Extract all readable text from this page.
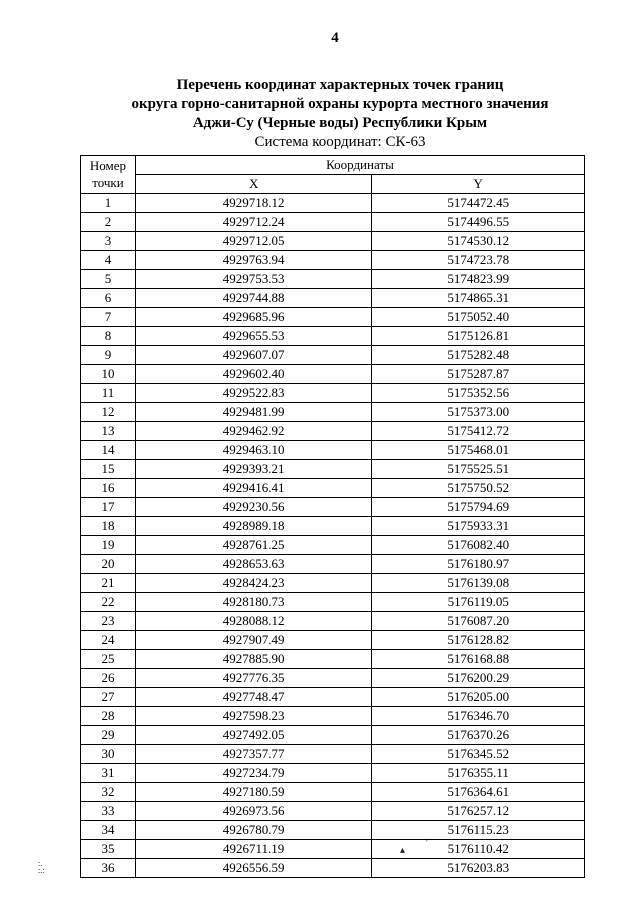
4
Перечень координат характерных точек границ
округа горно-санитарной охраны курорта местного значения
Аджи-Су (Черные воды) Республики Крым
Система координат: СК-63
Номер точки	Координаты	
	X	Y
1	4929718.12	5174472.45
2	4929712.24	5174496.55
3	4929712.05	5174530.12
4	4929763.94	5174723.78
5	4929753.53	5174823.99
6	4929744.88	5174865.31
7	4929685.96	5175052.40
8	4929655.53	5175126.81
9	4929607.07	5175282.48
10	4929602.40	5175287.87
11	4929522.83	5175352.56
12	4929481.99	5175373.00
13	4929462.92	5175412.72
14	4929463.10	5175468.01
15	4929393.21	5175525.51
16	4929416.41	5175750.52
17	4929230.56	5175794.69
18	4928989.18	5175933.31
19	4928761.25	5176082.40
20	4928653.63	5176180.97
21	4928424.23	5176139.08
22	4928180.73	5176119.05
23	4928088.12	5176087.20
24	4927907.49	5176128.82
25	4927885.90	5176168.88
26	4927776.35	5176200.29
27	4927748.47	5176205.00
28	4927598.23	5176346.70
29	4927492.05	5176370.26
30	4927357.77	5176345.52
31	4927234.79	5176355.11
32	4927180.59	5176364.61
33	4926973.56	5176257.12
34	4926780.79	5176115.23
35	4926711.19	5176110.42
36	4926556.59	5176203.83
▴
'
:.
:.:
